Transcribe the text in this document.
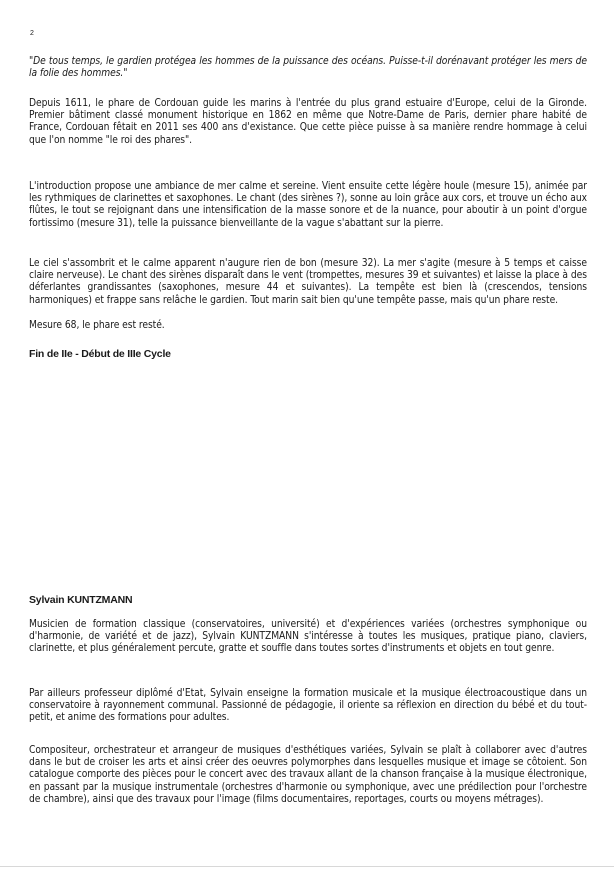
2

"De tous temps, le gardien protégea les hommes de la puissance des océans. Puisse-t-il dorénavant protéger les mers de la folie des hommes."

Depuis 1611, le phare de Cordouan guide les marins à l'entrée du plus grand estuaire d'Europe, celui de la Gironde. Premier bâtiment classé monument historique en 1862 en même que Notre-Dame de Paris, dernier phare habité de France, Cordouan fêtait en 2011 ses 400 ans d'existance. Que cette pièce puisse à sa manière rendre hommage à celui que l'on nomme "le roi des phares".

L'introduction propose une ambiance de mer calme et sereine. Vient ensuite cette légère houle (mesure 15), animée par les rythmiques de clarinettes et saxophones. Le chant (des sirènes ?), sonne au loin grâce aux cors, et trouve un écho aux flûtes, le tout se rejoignant dans une intensification de la masse sonore et de la nuance, pour aboutir à un point d'orgue fortissimo (mesure 31), telle la puissance bienveillante de la vague s'abattant sur la pierre.

Le ciel s'assombrit et le calme apparent n'augure rien de bon (mesure 32). La mer s'agite (mesure à 5 temps et caisse claire nerveuse). Le chant des sirènes disparaît dans le vent (trompettes, mesures 39 et suivantes) et laisse la place à des déferlantes grandissantes (saxophones, mesure 44 et suivantes). La tempête est bien là (crescendos, tensions harmoniques) et frappe sans relâche le gardien. Tout marin sait bien qu'une tempête passe, mais qu'un phare reste.

Mesure 68, le phare est resté.

Fin de IIe - Début de IIIe Cycle
Sylvain KUNTZMANN

Musicien de formation classique (conservatoires, université) et d'expériences variées (orchestres symphonique ou d'harmonie, de variété et de jazz), Sylvain KUNTZMANN s'intéresse à toutes les musiques, pratique piano, claviers, clarinette, et plus généralement percute, gratte et souffle dans toutes sortes d'instruments et objets en tout genre.

Par ailleurs professeur diplômé d'Etat, Sylvain enseigne la formation musicale et la musique électroacoustique dans un conservatoire à rayonnement communal. Passionné de pédagogie, il oriente sa réflexion en direction du bébé et du tout-petit, et anime des formations pour adultes.

Compositeur, orchestrateur et arrangeur de musiques d'esthétiques variées, Sylvain se plaît à collaborer avec d'autres dans le but de croiser les arts et ainsi créer des oeuvres polymorphes dans lesquelles musique et image se côtoient. Son catalogue comporte des pièces pour le concert avec des travaux allant de la chanson française à la musique électronique, en passant par la musique instrumentale (orchestres d'harmonie ou symphonique, avec une prédilection pour l'orchestre de chambre), ainsi que des travaux pour l'image (films documentaires, reportages, courts ou moyens métrages).
